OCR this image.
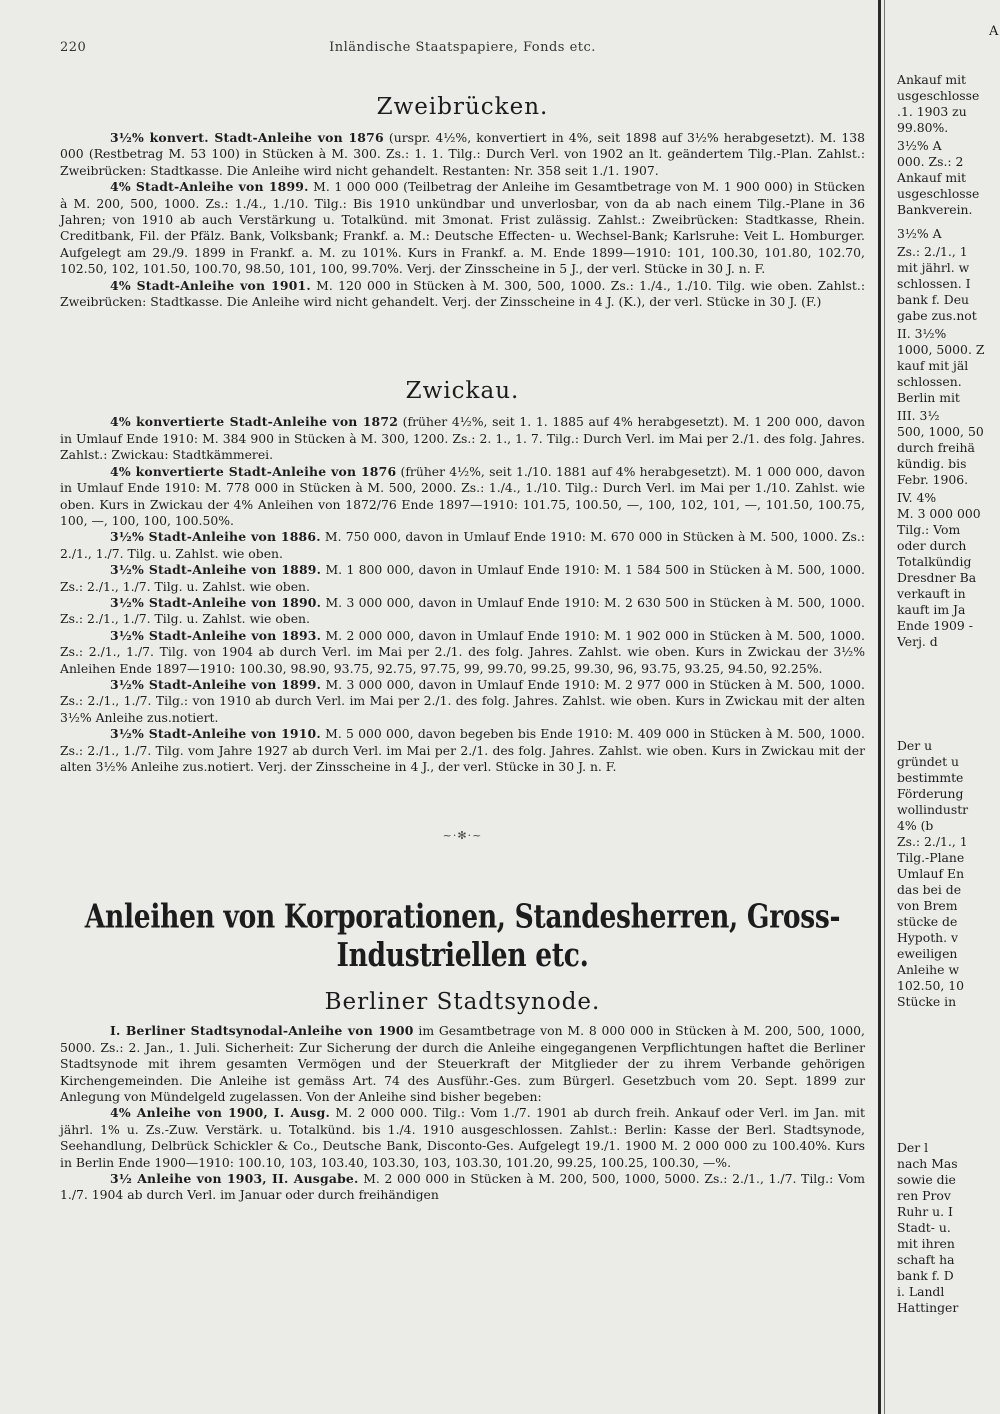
220	Inländische Staatspapiere, Fonds etc.
Zweibrücken.

3½% konvert. Stadt-Anleihe von 1876 (urspr. 4½%, konvertiert in 4%, seit 1898 auf 3½% herabgesetzt). M. 138 000 (Restbetrag M. 53 100) in Stücken à M. 300. Zs.: 1. 1. Tilg.: Durch Verl. von 1902 an lt. geändertem Tilg.-Plan. Zahlst.: Zweibrücken: Stadtkasse. Die Anleihe wird nicht gehandelt. Restanten: Nr. 358 seit 1./1. 1907.

4% Stadt-Anleihe von 1899. M. 1 000 000 (Teilbetrag der Anleihe im Gesamtbetrage von M. 1 900 000) in Stücken à M. 200, 500, 1000. Zs.: 1./4., 1./10. Tilg.: Bis 1910 unkündbar und unverlosbar, von da ab nach einem Tilg.-Plane in 36 Jahren; von 1910 ab auch Verstärkung u. Totalkünd. mit 3monat. Frist zulässig. Zahlst.: Zweibrücken: Stadtkasse, Rhein. Creditbank, Fil. der Pfälz. Bank, Volksbank; Frankf. a. M.: Deutsche Effecten- u. Wechsel-Bank; Karlsruhe: Veit L. Homburger. Aufgelegt am 29./9. 1899 in Frankf. a. M. zu 101%. Kurs in Frankf. a. M. Ende 1899—1910: 101, 100.30, 101.80, 102.70, 102.50, 102, 101.50, 100.70, 98.50, 101, 100, 99.70%. Verj. der Zinsscheine in 5 J., der verl. Stücke in 30 J. n. F.

4% Stadt-Anleihe von 1901. M. 120 000 in Stücken à M. 300, 500, 1000. Zs.: 1./4., 1./10. Tilg. wie oben. Zahlst.: Zweibrücken: Stadtkasse. Die Anleihe wird nicht gehandelt. Verj. der Zinsscheine in 4 J. (K.), der verl. Stücke in 30 J. (F.)

Zwickau.

4% konvertierte Stadt-Anleihe von 1872 (früher 4½%, seit 1. 1. 1885 auf 4% herabgesetzt). M. 1 200 000, davon in Umlauf Ende 1910: M. 384 900 in Stücken à M. 300, 1200. Zs.: 2. 1., 1. 7. Tilg.: Durch Verl. im Mai per 2./1. des folg. Jahres. Zahlst.: Zwickau: Stadtkämmerei.

4% konvertierte Stadt-Anleihe von 1876 (früher 4½%, seit 1./10. 1881 auf 4% herabgesetzt). M. 1 000 000, davon in Umlauf Ende 1910: M. 778 000 in Stücken à M. 500, 2000. Zs.: 1./4., 1./10. Tilg.: Durch Verl. im Mai per 1./10. Zahlst. wie oben. Kurs in Zwickau der 4% Anleihen von 1872/76 Ende 1897—1910: 101.75, 100.50, —, 100, 102, 101, —, 101.50, 100.75, 100, —, 100, 100, 100.50%.

3½% Stadt-Anleihe von 1886. M. 750 000, davon in Umlauf Ende 1910: M. 670 000 in Stücken à M. 500, 1000. Zs.: 2./1., 1./7. Tilg. u. Zahlst. wie oben.

3½% Stadt-Anleihe von 1889. M. 1 800 000, davon in Umlauf Ende 1910: M. 1 584 500 in Stücken à M. 500, 1000. Zs.: 2./1., 1./7. Tilg. u. Zahlst. wie oben.

3½% Stadt-Anleihe von 1890. M. 3 000 000, davon in Umlauf Ende 1910: M. 2 630 500 in Stücken à M. 500, 1000. Zs.: 2./1., 1./7. Tilg. u. Zahlst. wie oben.

3½% Stadt-Anleihe von 1893. M. 2 000 000, davon in Umlauf Ende 1910: M. 1 902 000 in Stücken à M. 500, 1000. Zs.: 2./1., 1./7. Tilg. von 1904 ab durch Verl. im Mai per 2./1. des folg. Jahres. Zahlst. wie oben. Kurs in Zwickau der 3½% Anleihen Ende 1897—1910: 100.30, 98.90, 93.75, 92.75, 97.75, 99, 99.70, 99.25, 99.30, 96, 93.75, 93.25, 94.50, 92.25%.

3½% Stadt-Anleihe von 1899. M. 3 000 000, davon in Umlauf Ende 1910: M. 2 977 000 in Stücken à M. 500, 1000. Zs.: 2./1., 1./7. Tilg.: von 1910 ab durch Verl. im Mai per 2./1. des folg. Jahres. Zahlst. wie oben. Kurs in Zwickau mit der alten 3½% Anleihe zus.notiert.

3½% Stadt-Anleihe von 1910. M. 5 000 000, davon begeben bis Ende 1910: M. 409 000 in Stücken à M. 500, 1000. Zs.: 2./1., 1./7. Tilg. vom Jahre 1927 ab durch Verl. im Mai per 2./1. des folg. Jahres. Zahlst. wie oben. Kurs in Zwickau mit der alten 3½% Anleihe zus.notiert. Verj. der Zinsscheine in 4 J., der verl. Stücke in 30 J. n. F.

~·✻·~
Anleihen von Korporationen, Standesherren, Gross-Industriellen etc.
Berliner Stadtsynode.

I. Berliner Stadtsynodal-Anleihe von 1900 im Gesamtbetrage von M. 8 000 000 in Stücken à M. 200, 500, 1000, 5000. Zs.: 2. Jan., 1. Juli. Sicherheit: Zur Sicherung der durch die Anleihe eingegangenen Verpflichtungen haftet die Berliner Stadtsynode mit ihrem gesamten Vermögen und der Steuerkraft der Mitglieder der zu ihrem Verbande gehörigen Kirchengemeinden. Die Anleihe ist gemäss Art. 74 des Ausführ.-Ges. zum Bürgerl. Gesetzbuch vom 20. Sept. 1899 zur Anlegung von Mündelgeld zugelassen. Von der Anleihe sind bisher begeben:

4% Anleihe von 1900, I. Ausg. M. 2 000 000. Tilg.: Vom 1./7. 1901 ab durch freih. Ankauf oder Verl. im Jan. mit jährl. 1% u. Zs.-Zuw. Verstärk. u. Totalkünd. bis 1./4. 1910 ausgeschlossen. Zahlst.: Berlin: Kasse der Berl. Stadtsynode, Seehandlung, Delbrück Schickler & Co., Deutsche Bank, Disconto-Ges. Aufgelegt 19./1. 1900 M. 2 000 000 zu 100.40%. Kurs in Berlin Ende 1900—1910: 100.10, 103, 103.40, 103.30, 103, 103.30, 101.20, 99.25, 100.25, 100.30, —%.

3½ Anleihe von 1903, II. Ausgabe. M. 2 000 000 in Stücken à M. 200, 500, 1000, 5000. Zs.: 2./1., 1./7. Tilg.: Vom 1./7. 1904 ab durch Verl. im Januar oder durch freihändigen

A
Ankauf mit
usgeschlosse
.1. 1903 zu
99.80%.
3½% A
000. Zs.: 2
Ankauf mit
usgeschlosse
Bankverein.
3½% A
Zs.: 2./1., 1
mit jährl. w
schlossen. I
bank f. Deu
gabe zus.not
II. 3½%
1000, 5000. Z
kauf mit jäl
schlossen.
Berlin mit
III. 3½
500, 1000, 50
durch freihä
kündig. bis
Febr. 1906.
IV. 4%
M. 3 000 000
Tilg.: Vom
oder durch
Totalkündig
Dresdner Ba
verkauft in
kauft im Ja
Ende 1909 -
Verj. d
Der u
gründet u
bestimmte
Förderung
wollindustr
4% (b
Zs.: 2./1., 1
Tilg.-Plane
Umlauf En
das bei de
von Brem
stücke de
Hypoth. v
eweiligen
Anleihe w
102.50, 10
Stücke in
Der l
nach Mas
sowie die
ren Prov
Ruhr u. I
Stadt- u.
mit ihren
schaft ha
bank f. D
i. Landl
Hattinger
